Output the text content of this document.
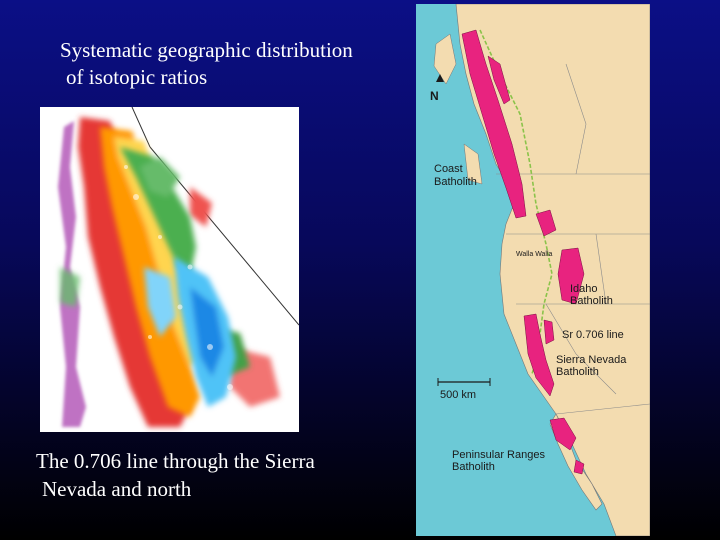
Systematic geographic distribution
of isotopic ratios
N
Coast
Batholith
Walla Walla
Idaho
Batholith
Sr 0.706 line
Sierra Nevada
Batholith
500 km
Peninsular Ranges
Batholith
The 0.706 line through the Sierra
Nevada and north
